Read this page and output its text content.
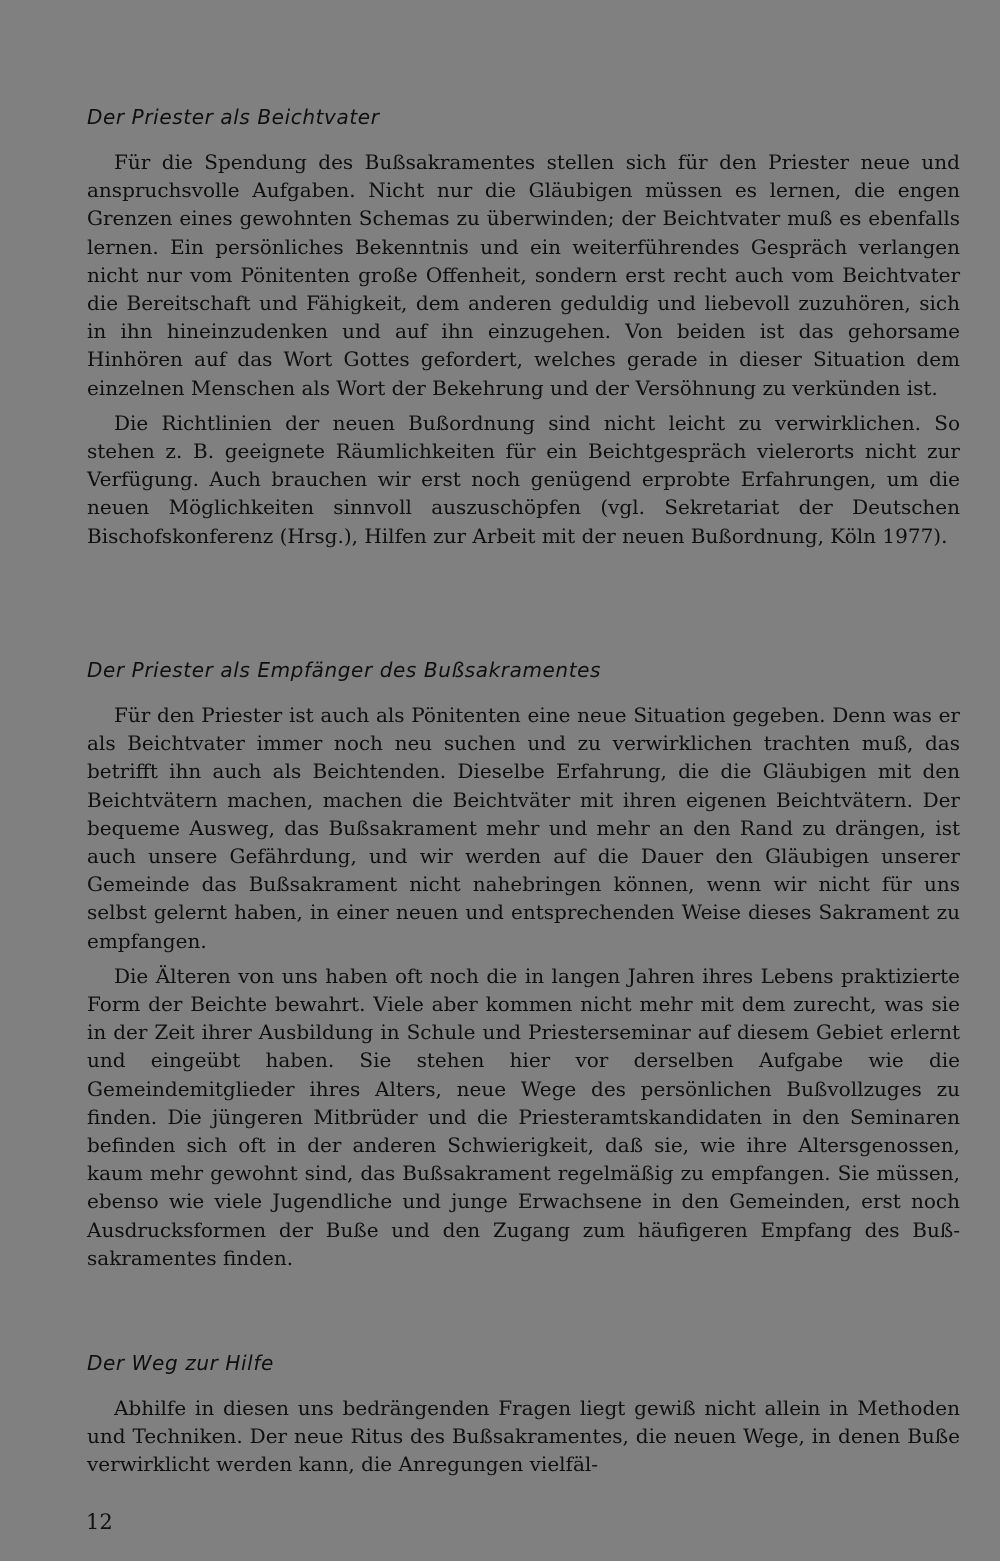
Der Priester als Beichtvater

Für die Spendung des Bußsakramentes stellen sich für den Priester neue und anspruchsvolle Aufgaben. Nicht nur die Gläubigen müssen es lernen, die engen Grenzen eines gewohnten Schemas zu überwinden; der Beichtvater muß es ebenfalls lernen. Ein persönliches Bekenntnis und ein weiterführendes Gespräch verlangen nicht nur vom Pönitenten große Offenheit, sondern erst recht auch vom Beichtvater die Bereitschaft und Fähigkeit, dem anderen geduldig und liebevoll zuzuhören, sich in ihn hineinzudenken und auf ihn einzugehen. Von beiden ist das gehorsame Hinhören auf das Wort Gottes gefordert, welches gerade in dieser Situation dem einzelnen Menschen als Wort der Bekehrung und der Versöhnung zu verkünden ist.

Die Richtlinien der neuen Bußordnung sind nicht leicht zu verwirklichen. So stehen z. B. geeignete Räumlichkeiten für ein Beichtgespräch vielerorts nicht zur Verfügung. Auch brauchen wir erst noch genügend erprobte Erfahrungen, um die neuen Möglichkeiten sinnvoll auszuschöpfen (vgl. Sekretariat der Deutschen Bischofskonferenz (Hrsg.), Hilfen zur Arbeit mit der neuen Bußordnung, Köln 1977).

Der Priester als Empfänger des Bußsakramentes

Für den Priester ist auch als Pönitenten eine neue Situation gegeben. Denn was er als Beichtvater immer noch neu suchen und zu verwirklichen trachten muß, das betrifft ihn auch als Beichtenden. Dieselbe Erfahrung, die die Gläubigen mit den Beichtvätern machen, machen die Beichtväter mit ihren eigenen Beichtvätern. Der bequeme Ausweg, das Bußsakrament mehr und mehr an den Rand zu drängen, ist auch unsere Gefährdung, und wir werden auf die Dauer den Gläubigen unserer Gemeinde das Bußsakrament nicht nahebringen können, wenn wir nicht für uns selbst gelernt haben, in einer neuen und entsprechenden Weise dieses Sakrament zu empfangen.

Die Älteren von uns haben oft noch die in langen Jahren ihres Lebens praktizierte Form der Beichte bewahrt. Viele aber kommen nicht mehr mit dem zurecht, was sie in der Zeit ihrer Ausbildung in Schule und Priesterseminar auf diesem Gebiet erlernt und eingeübt haben. Sie stehen hier vor derselben Aufgabe wie die Gemeindemitglieder ihres Alters, neue Wege des persönlichen Bußvollzuges zu finden. Die jüngeren Mitbrüder und die Priesteramtskandidaten in den Seminaren befinden sich oft in der anderen Schwierigkeit, daß sie, wie ihre Altersgenossen, kaum mehr gewohnt sind, das Bußsakrament regelmäßig zu empfangen. Sie müssen, ebenso wie viele Jugendliche und junge Erwachsene in den Gemeinden, erst noch Ausdrucksformen der Buße und den Zugang zum häufigeren Empfang des Bußsakramentes finden.

Der Weg zur Hilfe

Abhilfe in diesen uns bedrängenden Fragen liegt gewiß nicht allein in Methoden und Techniken. Der neue Ritus des Bußsakramentes, die neuen Wege, in denen Buße verwirklicht werden kann, die Anregungen vielfäl-

12
